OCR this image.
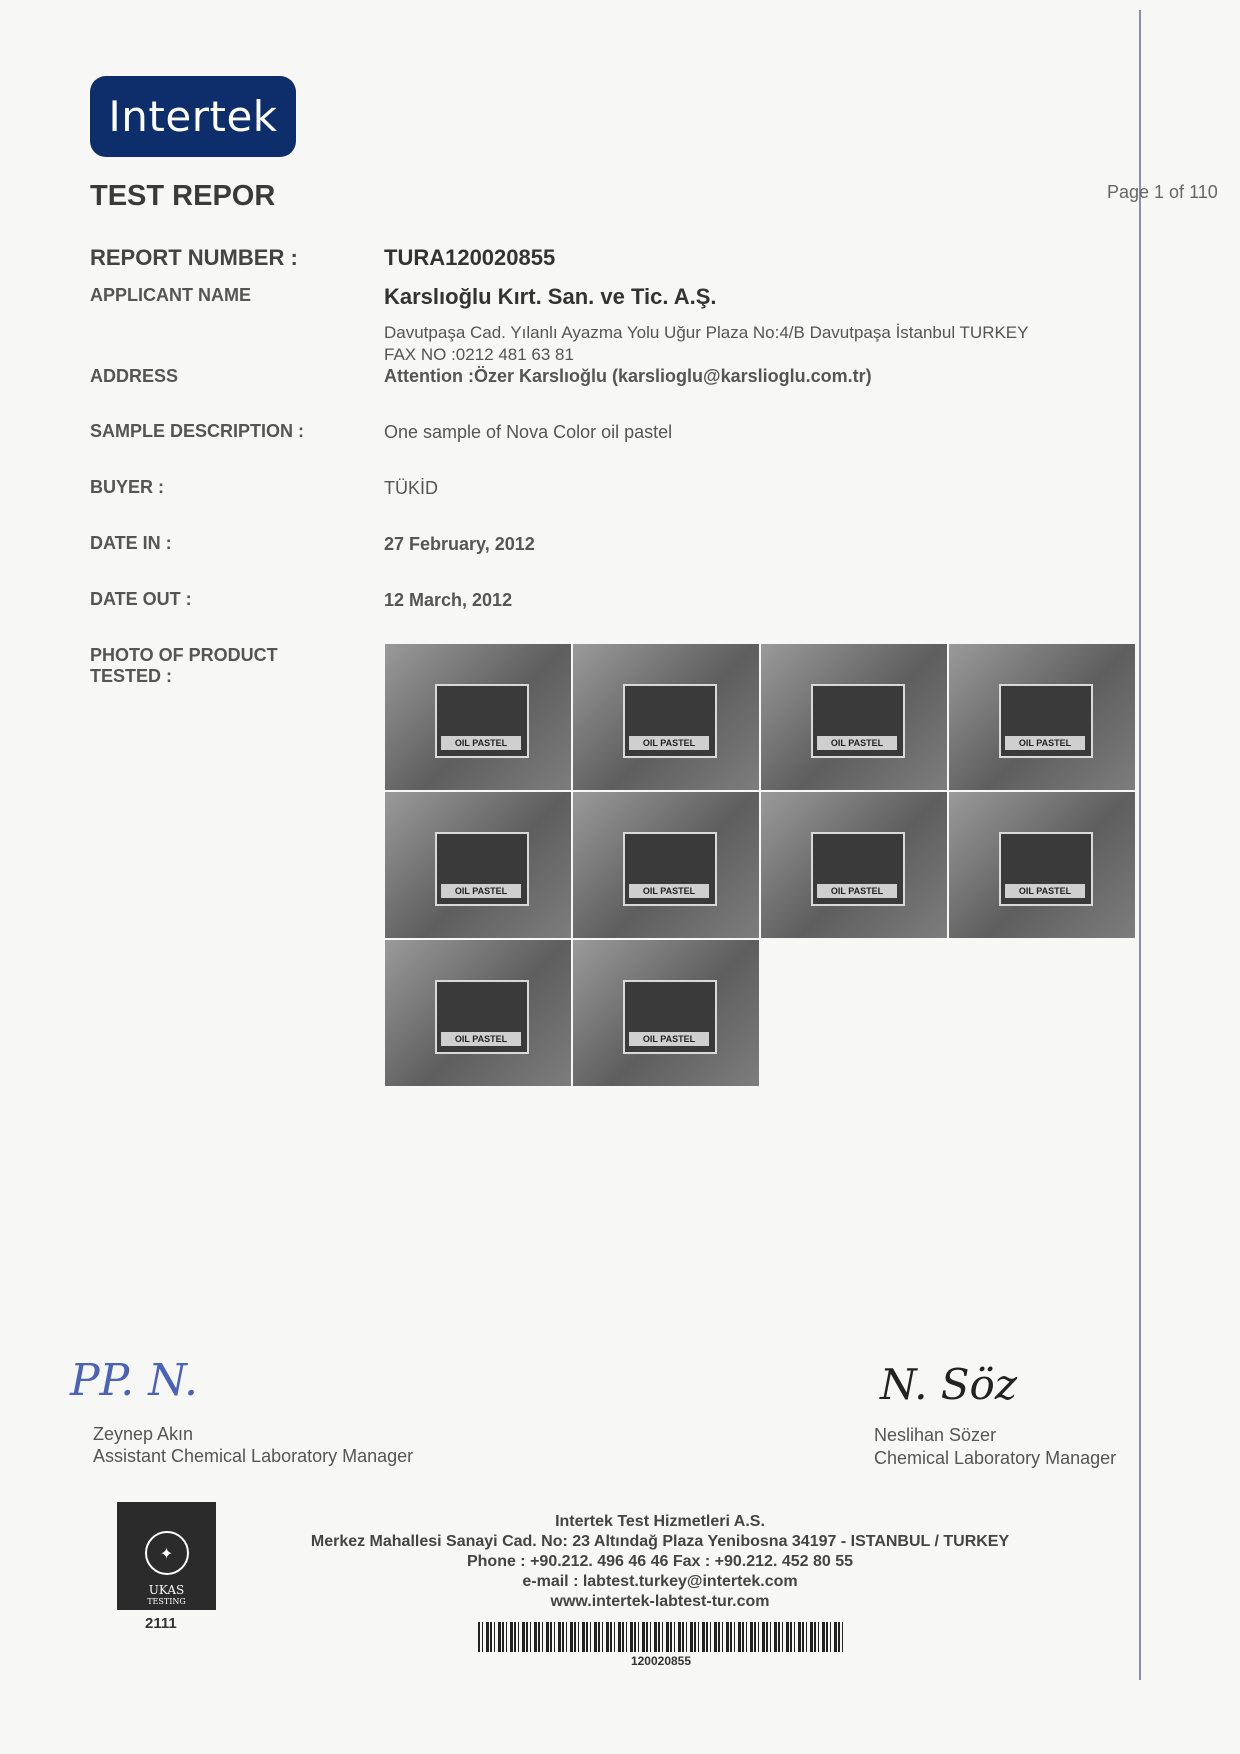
Intertek
TEST REPOR	Page 1 of 110
REPORT NUMBER :	TURA120020855
APPLICANT NAME	Karslıoğlu Kırt. San. ve Tic. A.Ş.
Davutpaşa Cad. Yılanlı Ayazma Yolu Uğur Plaza No:4/B Davutpaşa İstanbul TURKEY
FAX NO :0212 481 63 81
ADDRESS	Attention :Özer Karslıoğlu (karslioglu@karslioglu.com.tr)
SAMPLE DESCRIPTION :	One sample of Nova Color oil pastel
BUYER :	TÜKİD
DATE IN :	27 February, 2012
DATE OUT :	12 March, 2012
PHOTO OF PRODUCT
TESTED :
OIL PASTEL	OIL PASTEL	OIL PASTEL	OIL PASTEL
OIL PASTEL	OIL PASTEL	OIL PASTEL	OIL PASTEL
OIL PASTEL	OIL PASTEL
PP. N.
Zeynep Akın
Assistant Chemical Laboratory Manager
N. Söz
Neslihan Sözer
Chemical Laboratory Manager
✦
UKAS
TESTING
2111
Intertek Test Hizmetleri A.S.
Merkez Mahallesi Sanayi Cad. No: 23 Altındağ Plaza Yenibosna 34197 - ISTANBUL / TURKEY
Phone : +90.212. 496 46 46 Fax : +90.212. 452 80 55
e-mail : labtest.turkey@intertek.com
www.intertek-labtest-tur.com
120020855
